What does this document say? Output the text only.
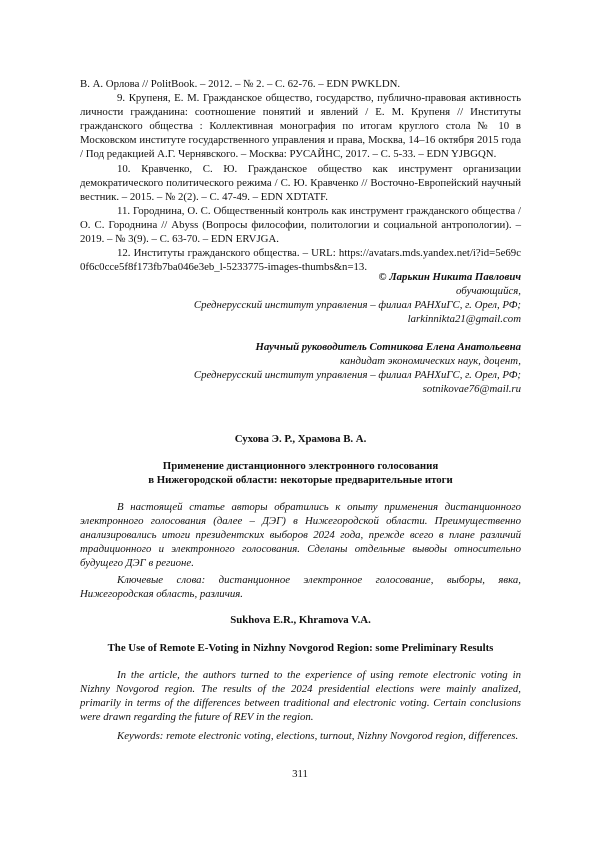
В. А. Орлова // PolitBook. – 2012. – № 2. – С. 62-76. – EDN PWKLDN.

9. Крупеня, Е. М. Гражданское общество, государство, публично-правовая активность личности гражданина: соотношение понятий и явлений / Е. М. Крупеня // Институты гражданского общества : Коллективная монография по итогам круглого стола № 10 в Московском институте государственного управления и права, Москва, 14–16 октября 2015 года / Под редакцией А.Г. Чернявского. – Москва: РУСАЙНС, 2017. – С. 5-33. – EDN YJBGQN.

10. Кравченко, С. Ю. Гражданское общество как инструмент организации демократического политического режима / С. Ю. Кравченко // Восточно-Европейский научный вестник. – 2015. – № 2(2). – С. 47-49. – EDN XDTATF.

11. Городнина, О. С. Общественный контроль как инструмент гражданского общества / О. С. Городнина // Abyss (Вопросы философии, политологии и социальной антропологии). – 2019. – № 3(9). – С. 63-70. – EDN ERVJGA.

12. Институты гражданского общества. – URL: https://avatars.mds.yandex.net/i?id=5e69c0f6c0cce5f8f173fb7ba046e3eb_l-5233775-images-thumbs&n=13.

© Ларькин Никита Павлович
обучающийся,
Среднерусский институт управления – филиал РАНХиГС, г. Орел, РФ;
larkinnikta21@gmail.com
Научный руководитель Сотникова Елена Анатольевна
кандидат экономических наук, доцент,
Среднерусский институт управления – филиал РАНХиГС, г. Орел, РФ;
sotnikovae76@mail.ru
Сухова Э. Р., Храмова В. А.
Применение дистанционного электронного голосования
в Нижегородской области: некоторые предварительные итоги

В настоящей статье авторы обратились к опыту применения дистанционного электронного голосования (далее – ДЭГ) в Нижегородской области. Преимущественно анализировались итоги президентских выборов 2024 года, прежде всего в плане различий традиционного и электронного голосования. Сделаны отдельные выводы относительно будущего ДЭГ в регионе.

Ключевые слова: дистанционное электронное голосование, выборы, явка, Нижегородская область, различия.

Sukhova E.R., Khramova V.A.
The Use of Remote E-Voting in Nizhny Novgorod Region: some Preliminary Results

In the article, the authors turned to the experience of using remote electronic voting in Nizhny Novgorod region. The results of the 2024 presidential elections were mainly analized, primarily in terms of the differences between traditional and electronic voting. Certain conclusions were drawn regarding the future of REV in the region.

Keywords: remote electronic voting, elections, turnout, Nizhny Novgorod region, differences.

311
